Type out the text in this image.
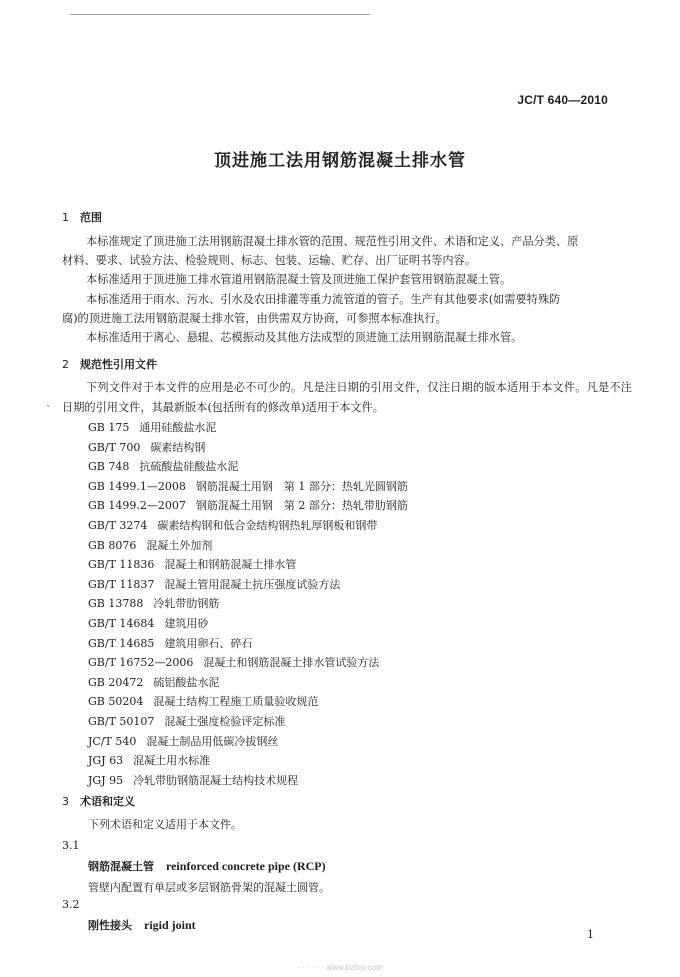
JC/T 640—2010
顶进施工法用钢筋混凝土排水管
1 范围
本标准规定了顶进施工法用钢筋混凝土排水管的范围、规范性引用文件、术语和定义、产品分类、原
材料、要求、试验方法、检验规则、标志、包装、运输、贮存、出厂证明书等内容。
本标准适用于顶进施工排水管道用钢筋混凝土管及顶进施工保护套管用钢筋混凝土管。
本标准适用于雨水、污水、引水及农田排灌等重力流管道的管子。生产有其他要求(如需要特殊防
腐)的顶进施工法用钢筋混凝土排水管，由供需双方协商，可参照本标准执行。
本标准适用于离心、悬辊、芯模振动及其他方法成型的顶进施工法用钢筋混凝土排水管。
2 规范性引用文件
下列文件对于本文件的应用是必不可少的。凡是注日期的引用文件，仅注日期的版本适用于本文件。凡是不注日期的引用文件，其最新版本(包括所有的修改单)适用于本文件。
`
GB 175 通用硅酸盐水泥
GB/T 700 碳素结构钢
GB 748 抗硫酸盐硅酸盐水泥
GB 1499.1—2008 钢筋混凝土用钢　第 1 部分：热轧光圆钢筋
GB 1499.2—2007 钢筋混凝土用钢　第 2 部分：热轧带肋钢筋
GB/T 3274 碳素结构钢和低合金结构钢热轧厚钢板和钢带
GB 8076 混凝土外加剂
GB/T 11836 混凝土和钢筋混凝土排水管
GB/T 11837 混凝土管用混凝土抗压强度试验方法
GB 13788 冷轧带肋钢筋
GB/T 14684 建筑用砂
GB/T 14685 建筑用卵石、碎石
GB/T 16752—2006 混凝土和钢筋混凝土排水管试验方法
GB 20472 硫铝酸盐水泥
GB 50204 混凝土结构工程施工质量验收规范
GB/T 50107 混凝土强度检验评定标准
JC/T 540 混凝土制品用低碳冷拔钢丝
JGJ 63 混凝土用水标准
JGJ 95 冷轧带肋钢筋混凝土结构技术规程
3 术语和定义
下列术语和定义适用于本文件。
3.1
钢筋混凝土管 reinforced concrete pipe (RCP)
管壁内配置有单层或多层钢筋骨架的混凝土圆管。
3.2
刚性接头 rigid joint
1
· · · · · · www.bzfxw.com
